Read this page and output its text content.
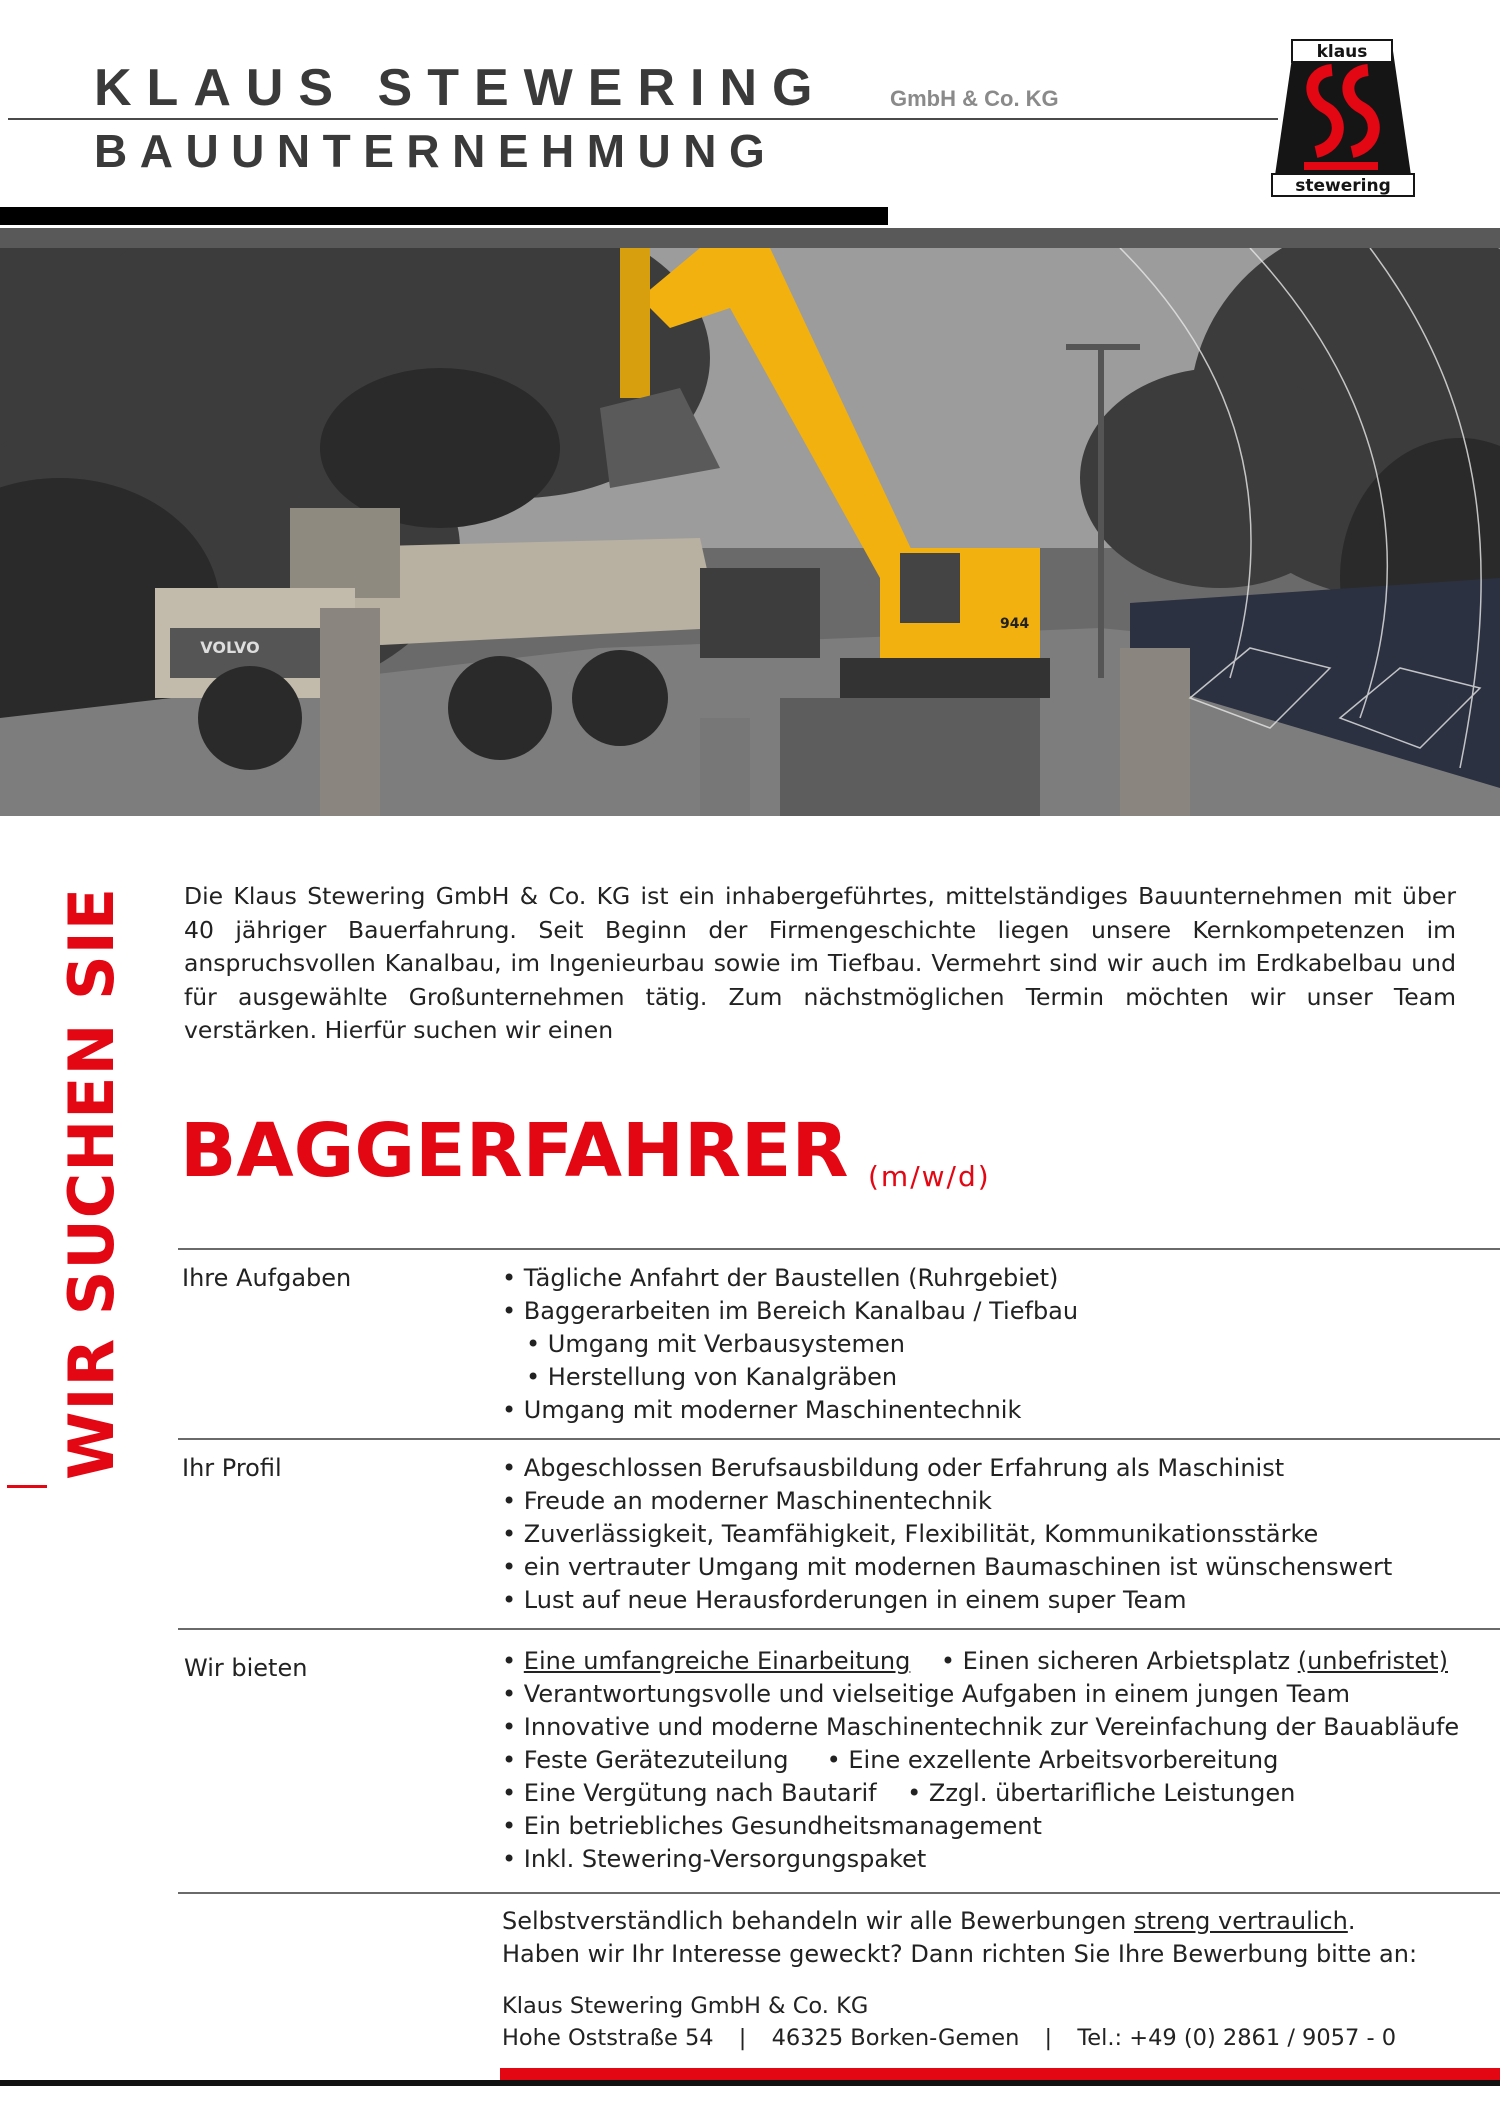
KLAUS STEWERING	GmbH & Co. KG
BAUUNTERNEHMUNG
klaus
stewering
VOLVO
944
WIR SUCHEN SIE Die Klaus Stewering GmbH & Co. KG ist ein inhabergeführtes, mittelständiges Bauunternehmen mit über 40 jähriger Bauerfahrung. Seit Beginn der Firmengeschichte liegen unsere Kernkompetenzen im anspruchsvollen Kanalbau, im Ingenieurbau sowie im Tiefbau. Vermehrt sind wir auch im Erdkabelbau und für ausgewählte Großunternehmen tätig. Zum nächstmöglichen Termin möchten wir unser Team verstärken. Hierfür suchen wir einen
BAGGERFAHRER (m/w/d)
Ihre Aufgaben	• Tägliche Anfahrt der Baustellen (Ruhrgebiet)
• Baggerarbeiten im Bereich Kanalbau / Tiefbau
• Umgang mit Verbausystemen
• Herstellung von Kanalgräben
• Umgang mit moderner Maschinentechnik
Ihr Profil	• Abgeschlossen Berufsausbildung oder Erfahrung als Maschinist
• Freude an moderner Maschinentechnik
• Zuverlässigkeit, Teamfähigkeit, Flexibilität, Kommunikationsstärke
• ein vertrauter Umgang mit modernen Baumaschinen ist wünschenswert
• Lust auf neue Herausforderungen in einem super Team
Wir bieten	• Eine umfangreiche Einarbeitung • Einen sicheren Arbietsplatz (unbefristet)
• Verantwortungsvolle und vielseitige Aufgaben in einem jungen Team
• Innovative und moderne Maschinentechnik zur Vereinfachung der Bauabläufe
• Feste Gerätezuteilung • Eine exzellente Arbeitsvorbereitung
• Eine Vergütung nach Bautarif • Zzgl. übertarifliche Leistungen
• Ein betriebliches Gesundheitsmanagement
• Inkl. Stewering-Versorgungspaket
Selbstverständlich behandeln wir alle Bewerbungen streng vertraulich.
Haben wir Ihr Interesse geweckt? Dann richten Sie Ihre Bewerbung bitte an:
Klaus Stewering GmbH & Co. KG
Hohe Oststraße 54 | 46325 Borken-Gemen | Tel.: +49 (0) 2861 / 9057 - 0
